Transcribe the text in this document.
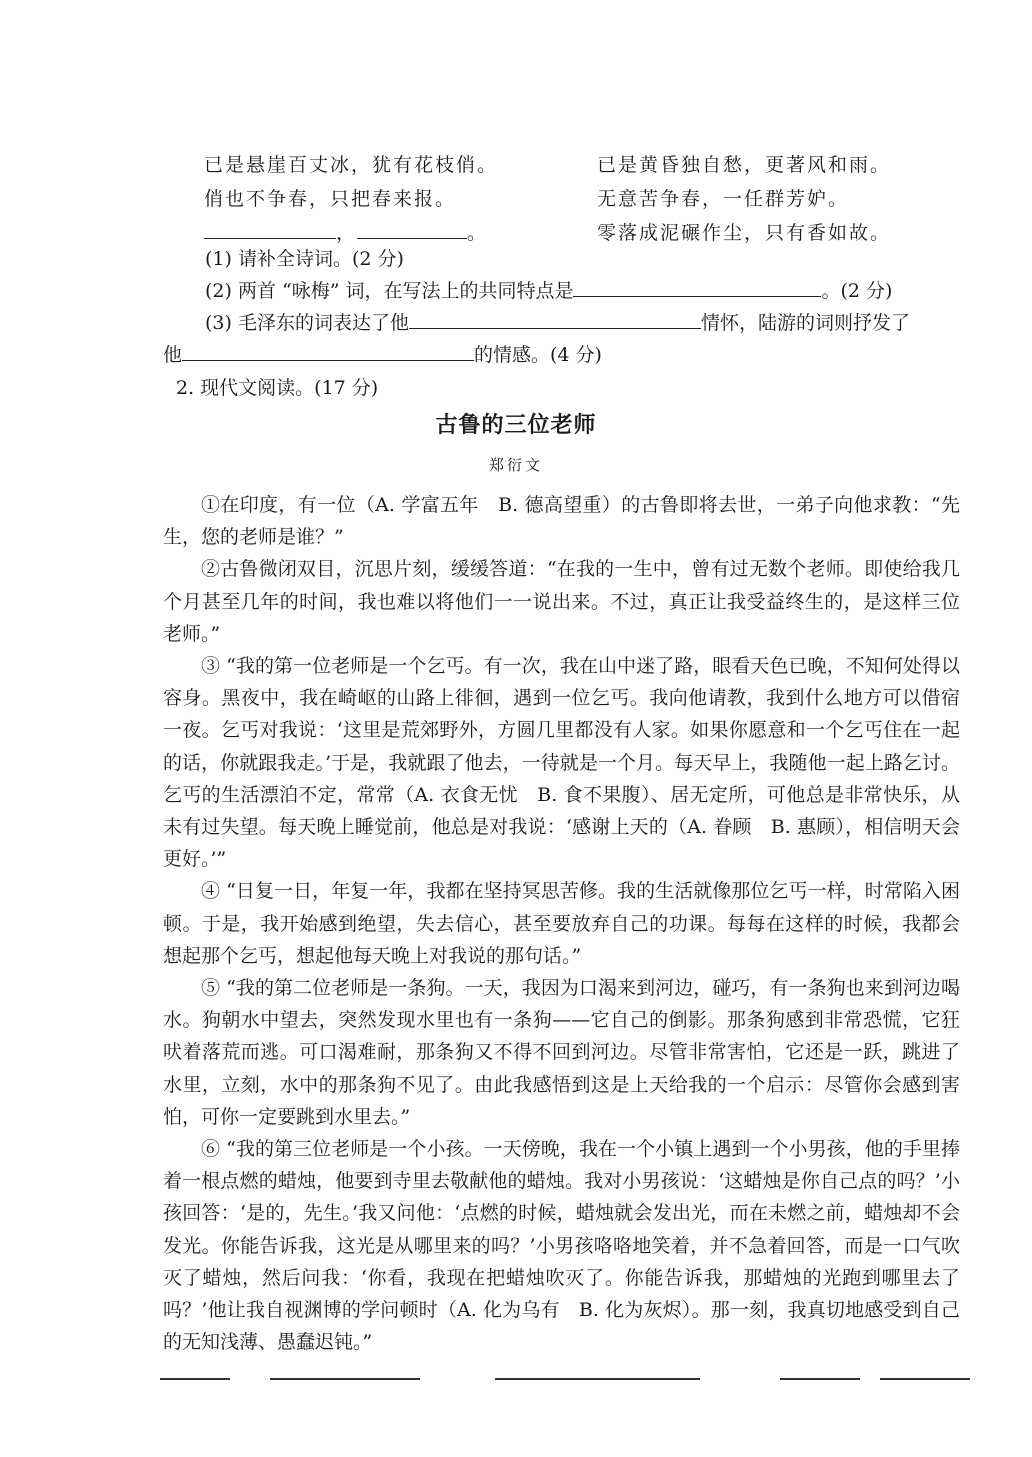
已是悬崖百丈冰，犹有花枝俏。
俏也不争春，只把春来报。
，	。
已是黄昏独自愁，更著风和雨。
无意苦争春，一任群芳妒。
零落成泥碾作尘，只有香如故。
(1) 请补全诗词。(2 分)
(2) 两首 “咏梅” 词，在写法上的共同特点是	。(2 分)
(3) 毛泽东的词表达了他	情怀，陆游的词则抒发了
他	的情感。(4 分)
2. 现代文阅读。(17 分)
古鲁的三位老师
郑衍文

①在印度，有一位（A. 学富五年　B. 德高望重）的古鲁即将去世，一弟子向他求教：“先生，您的老师是谁？”

②古鲁微闭双目，沉思片刻，缓缓答道：“在我的一生中，曾有过无数个老师。即使给我几个月甚至几年的时间，我也难以将他们一一说出来。不过，真正让我受益终生的，是这样三位老师。”

③ “我的第一位老师是一个乞丐。有一次，我在山中迷了路，眼看天色已晚，不知何处得以容身。黑夜中，我在崎岖的山路上徘徊，遇到一位乞丐。我向他请教，我到什么地方可以借宿一夜。乞丐对我说：‘这里是荒郊野外，方圆几里都没有人家。如果你愿意和一个乞丐住在一起的话，你就跟我走。’于是，我就跟了他去，一待就是一个月。每天早上，我随他一起上路乞讨。乞丐的生活漂泊不定，常常（A. 衣食无忧　B. 食不果腹）、居无定所，可他总是非常快乐，从未有过失望。每天晚上睡觉前，他总是对我说：‘感谢上天的（A. 眷顾　B. 惠顾），相信明天会更好。’”

④ “日复一日，年复一年，我都在坚持冥思苦修。我的生活就像那位乞丐一样，时常陷入困顿。于是，我开始感到绝望，失去信心，甚至要放弃自己的功课。每每在这样的时候，我都会想起那个乞丐，想起他每天晚上对我说的那句话。”

⑤ “我的第二位老师是一条狗。一天，我因为口渴来到河边，碰巧，有一条狗也来到河边喝水。狗朝水中望去，突然发现水里也有一条狗——它自己的倒影。那条狗感到非常恐慌，它狂吠着落荒而逃。可口渴难耐，那条狗又不得不回到河边。尽管非常害怕，它还是一跃，跳进了水里，立刻，水中的那条狗不见了。由此我感悟到这是上天给我的一个启示：尽管你会感到害怕，可你一定要跳到水里去。”

⑥ “我的第三位老师是一个小孩。一天傍晚，我在一个小镇上遇到一个小男孩，他的手里捧着一根点燃的蜡烛，他要到寺里去敬献他的蜡烛。我对小男孩说：‘这蜡烛是你自己点的吗？’小孩回答：‘是的，先生。’我又问他：‘点燃的时候，蜡烛就会发出光，而在未燃之前，蜡烛却不会发光。你能告诉我，这光是从哪里来的吗？’小男孩咯咯地笑着，并不急着回答，而是一口气吹灭了蜡烛，然后问我：‘你看，我现在把蜡烛吹灭了。你能告诉我，那蜡烛的光跑到哪里去了吗？’他让我自视渊博的学问顿时（A. 化为乌有　B. 化为灰烬）。那一刻，我真切地感受到自己的无知浅薄、愚蠢迟钝。”
